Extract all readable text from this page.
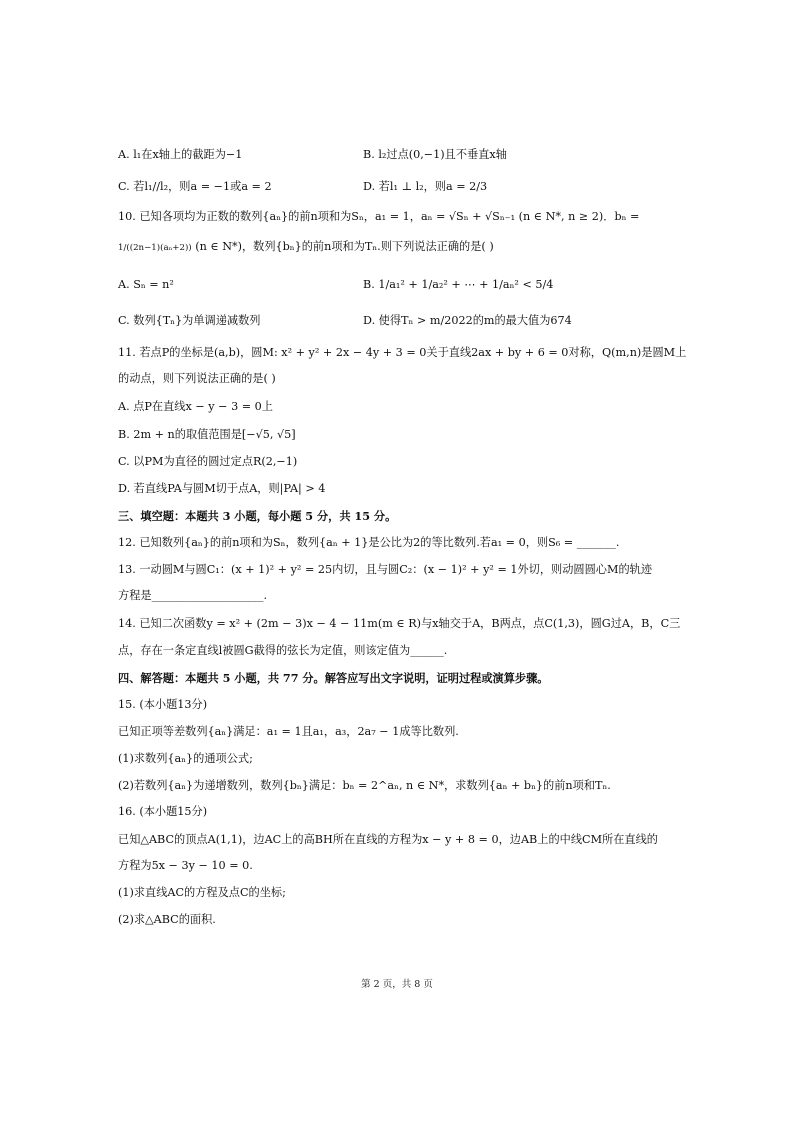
A. l₁在x轴上的截距为−1	B. l₂过点(0,−1)且不垂直x轴
C. 若l₁//l₂，则a = −1或a = 2	D. 若l₁ ⊥ l₂，则a = 2/3
10. 已知各项均为正数的数列{aₙ}的前n项和为Sₙ，a₁ = 1，aₙ = √Sₙ + √Sₙ₋₁ (n ∈ N*, n ≥ 2)．bₙ =
1/((2n−1)(aₙ+2)) (n ∈ N*)，数列{bₙ}的前n项和为Tₙ.则下列说法正确的是( )
A. Sₙ = n²	B. 1/a₁² + 1/a₂² + ⋯ + 1/aₙ² < 5/4
C. 数列{Tₙ}为单调递减数列	D. 使得Tₙ > m/2022的m的最大值为674
11. 若点P的坐标是(a,b)，圆M: x² + y² + 2x − 4y + 3 = 0关于直线2ax + by + 6 = 0对称，Q(m,n)是圆M上
的动点，则下列说法正确的是( )
A. 点P在直线x − y − 3 = 0上
B. 2m + n的取值范围是[−√5, √5]
C. 以PM为直径的圆过定点R(2,−1)
D. 若直线PA与圆M切于点A，则|PA| > 4
三、填空题：本题共 3 小题，每小题 5 分，共 15 分。
12. 已知数列{aₙ}的前n项和为Sₙ，数列{aₙ + 1}是公比为2的等比数列.若a₁ = 0，则S₆ = _______.
13. 一动圆M与圆C₁：(x + 1)² + y² = 25内切，且与圆C₂：(x − 1)² + y² = 1外切，则动圆圆心M的轨迹
方程是____________________.
14. 已知二次函数y = x² + (2m − 3)x − 4 − 11m(m ∈ R)与x轴交于A，B两点，点C(1,3)，圆G过A，B，C三
点，存在一条定直线l被圆G截得的弦长为定值，则该定值为______.
四、解答题：本题共 5 小题，共 77 分。解答应写出文字说明，证明过程或演算步骤。
15. (本小题13分)
已知正项等差数列{aₙ}满足：a₁ = 1且a₁，a₃，2a₇ − 1成等比数列.
(1)求数列{aₙ}的通项公式;
(2)若数列{aₙ}为递增数列，数列{bₙ}满足：bₙ = 2^aₙ, n ∈ N*，求数列{aₙ + bₙ}的前n项和Tₙ.
16. (本小题15分)
已知△ABC的顶点A(1,1)，边AC上的高BH所在直线的方程为x − y + 8 = 0，边AB上的中线CM所在直线的
方程为5x − 3y − 10 = 0.
(1)求直线AC的方程及点C的坐标;
(2)求△ABC的面积.
第 2 页，共 8 页
